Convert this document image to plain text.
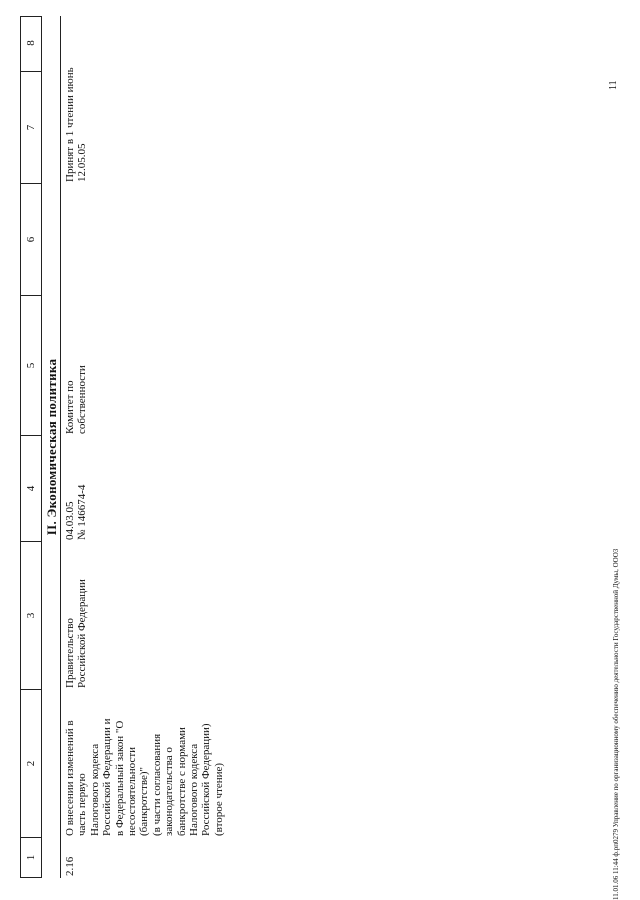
1
2
3
4
5
6
7
8
II. Экономическая политика
2.16
О внесении изменений в
часть первую
Налогового кодекса
Российской Федерации и
в Федеральный закон "О
несостоятельности
(банкротстве)"
(в части согласования
законодательства о
банкротстве с нормами
Налогового кодекса
Российской Федерации)
(второе чтение)
Правительство
Российской Федерации
04.03.05
№ 146674-4
Комитет по
собственности
Принят в 1 чтении июнь
12.05.05
11.01.06 11:44 ф.рп0279 Управление по организационному обеспечению деятельности Государственной Думы, ООО3
11
